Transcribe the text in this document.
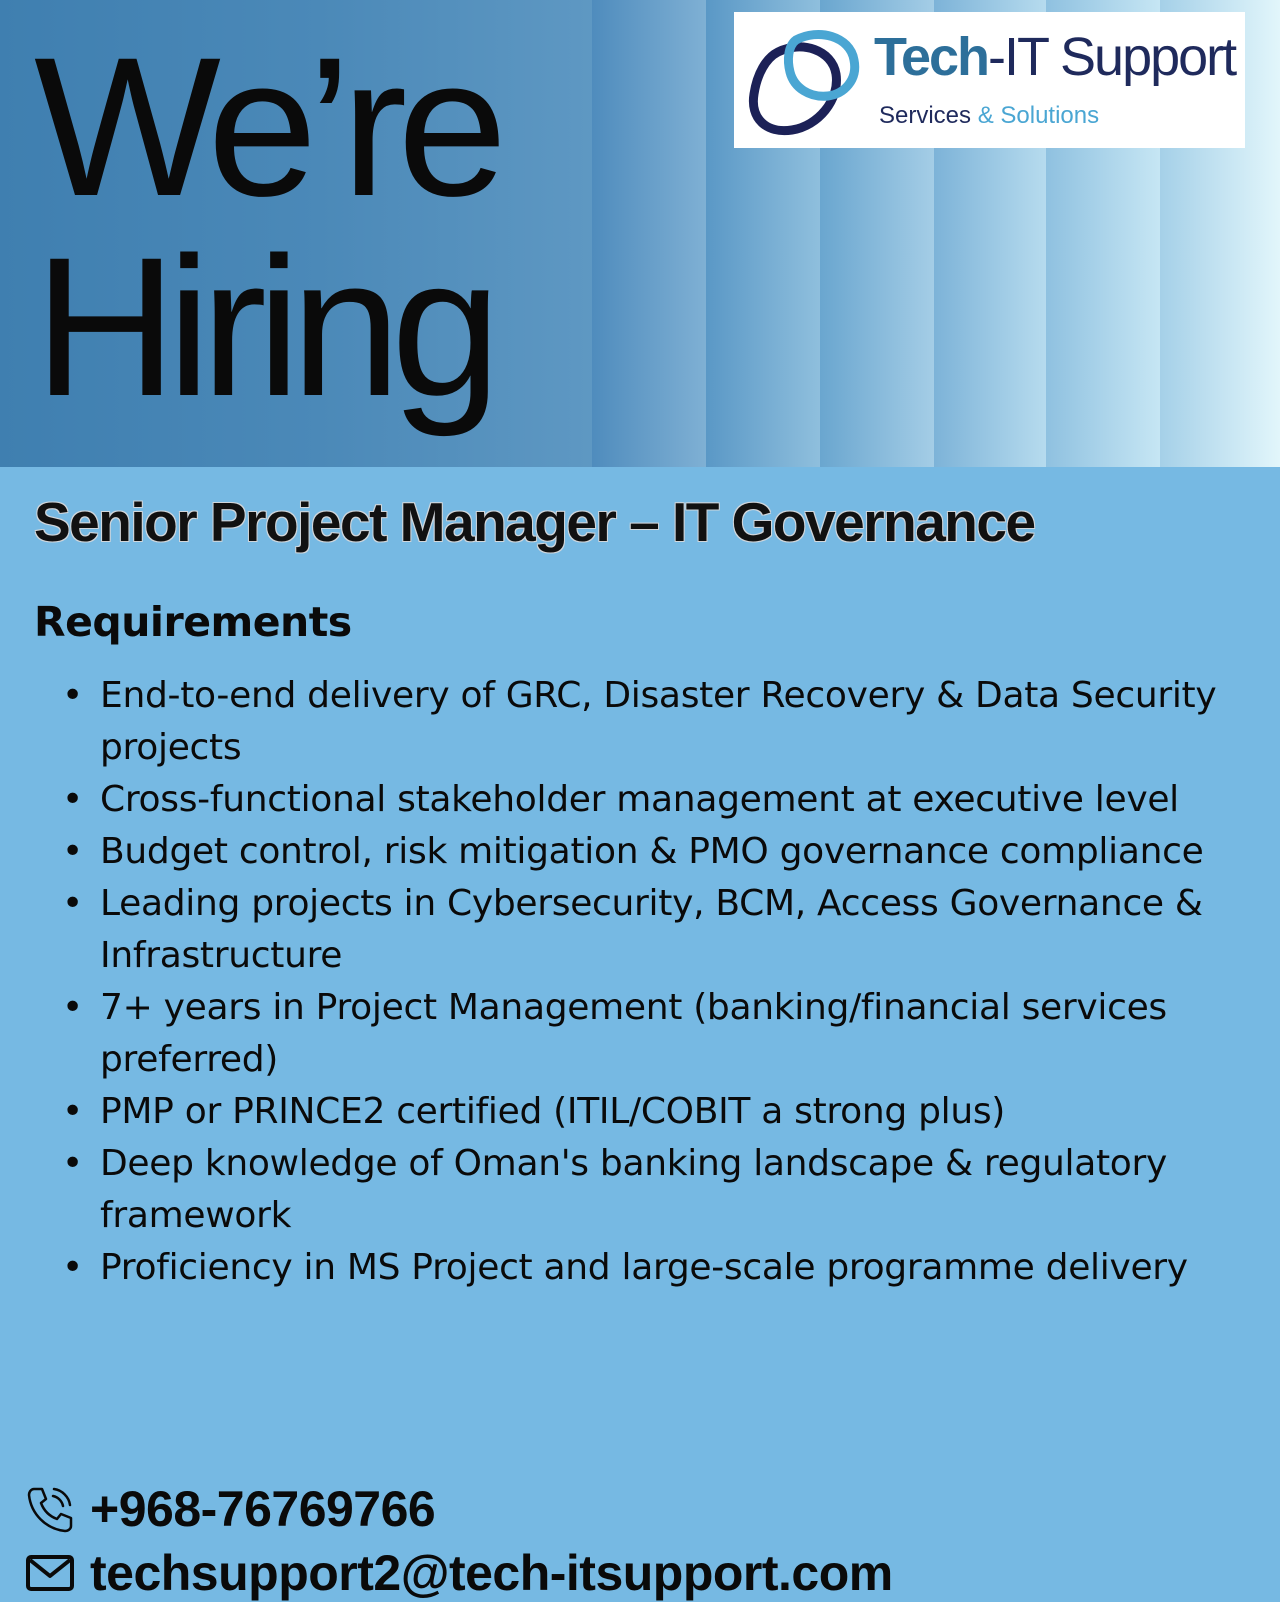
We’re
Hiring
Tech-IT Support
Services & Solutions
Senior Project Manager – IT Governance
Requirements
• End-to-end delivery of GRC, Disaster Recovery & Data Security projects
• Cross-functional stakeholder management at executive level
• Budget control, risk mitigation & PMO governance compliance
• Leading projects in Cybersecurity, BCM, Access Governance & Infrastructure
• 7+ years in Project Management (banking/financial services preferred)
• PMP or PRINCE2 certified (ITIL/COBIT a strong plus)
• Deep knowledge of Oman's banking landscape & regulatory framework
• Proficiency in MS Project and large-scale programme delivery
+968-76769766
techsupport2@tech-itsupport.com
